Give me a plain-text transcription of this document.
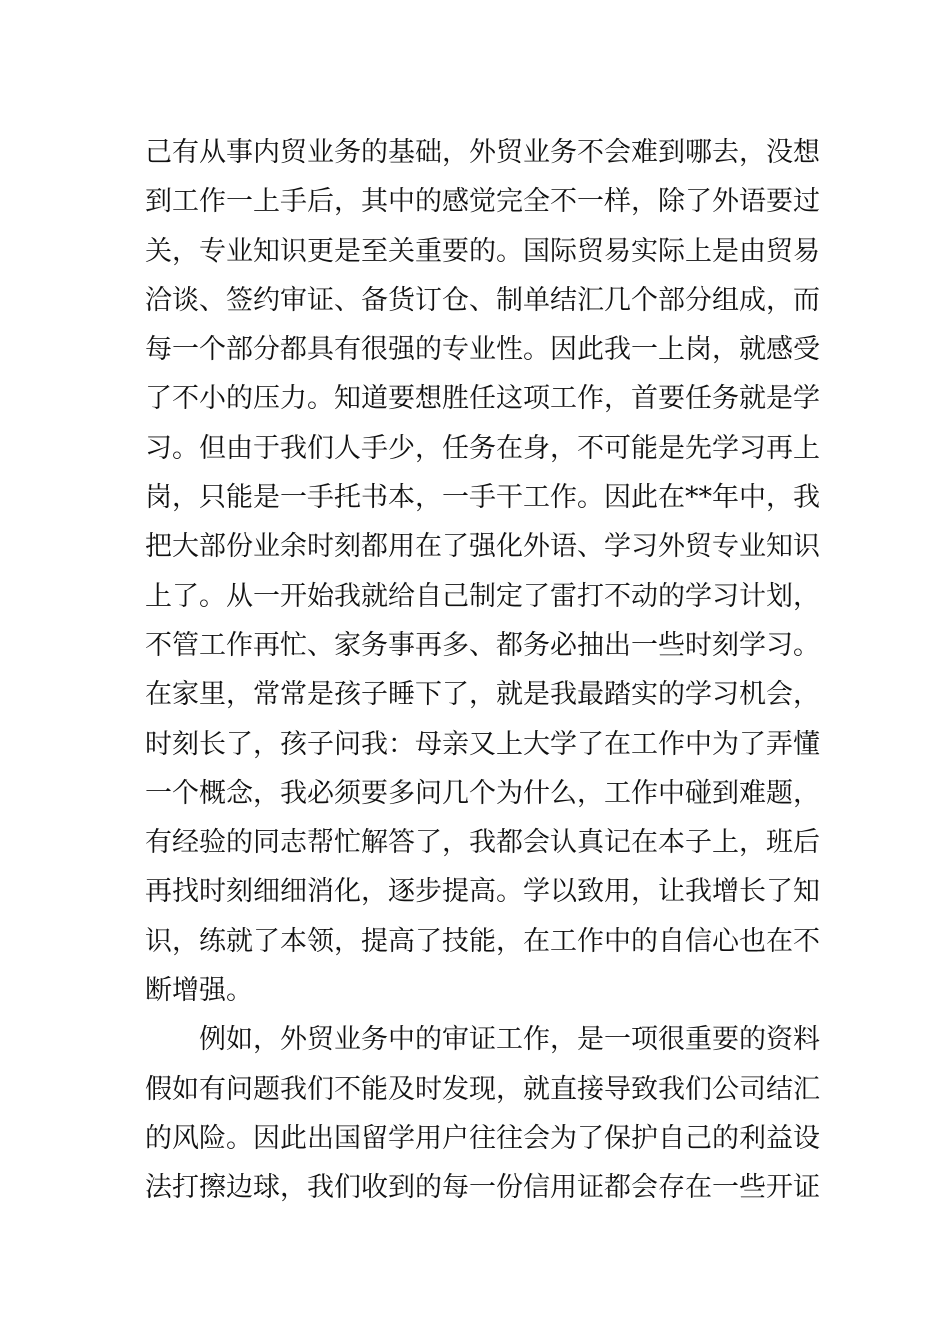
己有从事内贸业务的基础，外贸业务不会难到哪去，没想
到工作一上手后，其中的感觉完全不一样，除了外语要过
关，专业知识更是至关重要的。国际贸易实际上是由贸易
洽谈、签约审证、备货订仓、制单结汇几个部分组成，而
每一个部分都具有很强的专业性。因此我一上岗，就感受
了不小的压力。知道要想胜任这项工作，首要任务就是学
习。但由于我们人手少，任务在身，不可能是先学习再上
岗，只能是一手托书本，一手干工作。因此在**年中，我
把大部份业余时刻都用在了强化外语、学习外贸专业知识
上了。从一开始我就给自己制定了雷打不动的学习计划，
不管工作再忙、家务事再多、都务必抽出一些时刻学习。
在家里，常常是孩子睡下了，就是我最踏实的学习机会，
时刻长了，孩子问我：母亲又上大学了在工作中为了弄懂
一个概念，我必须要多问几个为什么，工作中碰到难题，
有经验的同志帮忙解答了，我都会认真记在本子上，班后
再找时刻细细消化，逐步提高。学以致用，让我增长了知
识，练就了本领，提高了技能，在工作中的自信心也在不
断增强。
例如，外贸业务中的审证工作，是一项很重要的资料
假如有问题我们不能及时发现，就直接导致我们公司结汇
的风险。因此出国留学用户往往会为了保护自己的利益设
法打擦边球，我们收到的每一份信用证都会存在一些开证
